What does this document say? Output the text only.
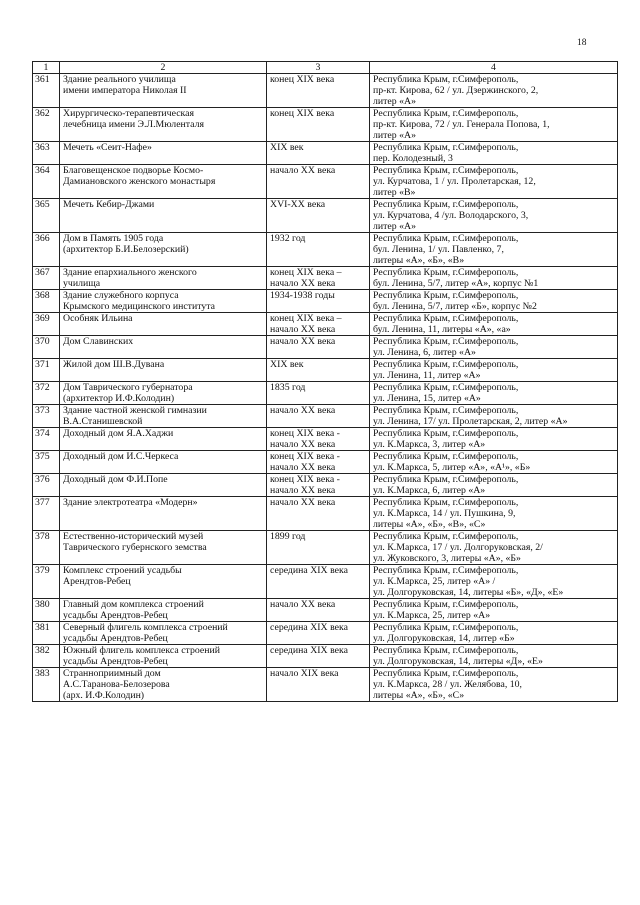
18
1	2	3	4

361	Здание реального училища
имени императора Николая II	конец XIX века	Республика Крым, г.Симферополь,
пр-кт. Кирова, 62 / ул. Дзержинского, 2,
литер «А»

362	Хирургическо-терапевтическая
лечебница имени Э.Л.Мюленталя	конец XIX века	Республика Крым, г.Симферополь,
пр-кт. Кирова, 72 / ул. Генерала Попова, 1,
литер «А»

363	Мечеть «Сеит-Нафе»	XIX век	Республика Крым, г.Симферополь,
пер. Колодезный, 3

364	Благовещенское подворье Космо-
Дамиановского женского монастыря	начало XX века	Республика Крым, г.Симферополь,
ул. Курчатова, 1 / ул. Пролетарская, 12,
литер «В»

365	Мечеть Кебир-Джами	XVI-XX века	Республика Крым, г.Симферополь,
ул. Курчатова, 4 /ул. Володарского, 3,
литер «А»

366	Дом в Память 1905 года
(архитектор Б.И.Белозерский)	1932 год	Республика Крым, г.Симферополь,
бул. Ленина, 1/ ул. Павленко, 7,
литеры «А», «Б», «В»

367	Здание епархиального женского
училища	конец XIX века –
начало XX века	Республика Крым, г.Симферополь,
бул. Ленина, 5/7, литер «А», корпус №1

368	Здание служебного корпуса
Крымского медицинского института	1934-1938 годы	Республика Крым, г.Симферополь,
бул. Ленина, 5/7, литер «Б», корпус №2

369	Особняк Ильина	конец XIX века –
начало XX века	Республика Крым, г.Симферополь,
бул. Ленина, 11, литеры «А», «а»

370	Дом Славинских	начало XX века	Республика Крым, г.Симферополь,
ул. Ленина, 6, литер «А»

371	Жилой дом Ш.В.Дувана	XIX век	Республика Крым, г.Симферополь,
ул. Ленина, 11, литер «А»

372	Дом Таврического губернатора
(архитектор И.Ф.Колодин)	1835 год	Республика Крым, г.Симферополь,
ул. Ленина, 15, литер «А»

373	Здание частной женской гимназии
В.А.Станишевской	начало XX века	Республика Крым, г.Симферополь,
ул. Ленина, 17/ ул. Пролетарская, 2, литер «А»

374	Доходный дом Я.А.Хаджи	конец XIX века -
начало XX века	Республика Крым, г.Симферополь,
ул. К.Маркса, 3, литер «А»

375	Доходный дом И.С.Черкеса	конец XIX века -
начало XX века	Республика Крым, г.Симферополь,
ул. К.Маркса, 5, литер «А», «А¹», «Б»

376	Доходный дом Ф.И.Попе	конец XIX века -
начало XX века	Республика Крым, г.Симферополь,
ул. К.Маркса, 6, литер «А»

377	Здание электротеатра «Модерн»	начало XX века	Республика Крым, г.Симферополь,
ул. К.Маркса, 14 / ул. Пушкина, 9,
литеры «А», «Б», «В», «С»

378	Естественно-исторический музей
Таврического губернского земства	1899 год	Республика Крым, г.Симферополь,
ул. К.Маркса, 17 / ул. Долгоруковская, 2/
ул. Жуковского, 3, литеры «А», «Б»

379	Комплекс строений усадьбы
Арендтов-Ребец	середина XIX века	Республика Крым, г.Симферополь,
ул. К.Маркса, 25, литер «А» /
ул. Долгоруковская, 14, литеры «Б», «Д», «Е»

380	Главный дом комплекса строений
усадьбы Арендтов-Ребец	начало XX века	Республика Крым, г.Симферополь,
ул. К.Маркса, 25, литер «А»

381	Северный флигель комплекса строений
усадьбы Арендтов-Ребец	середина XIX века	Республика Крым, г.Симферополь,
ул. Долгоруковская, 14, литер «Б»

382	Южный флигель комплекса строений
усадьбы Арендтов-Ребец	середина XIX века	Республика Крым, г.Симферополь,
ул. Долгоруковская, 14, литеры «Д», «Е»

383	Странноприимный дом
А.С.Таранова-Белозерова
(арх. И.Ф.Колодин)	начало XIX века	Республика Крым, г.Симферополь,
ул. К.Маркса, 28 / ул. Желябова, 10,
литеры «А», «Б», «С»
